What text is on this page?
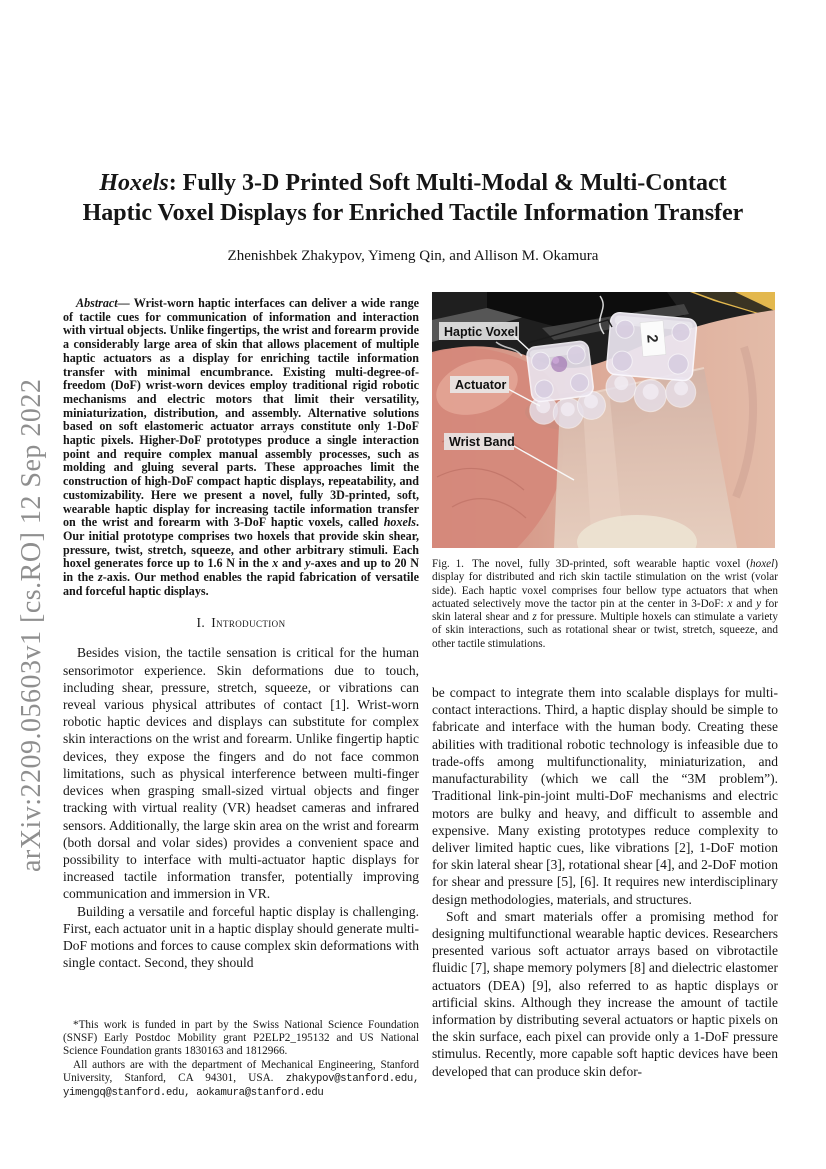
arXiv:2209.05603v1 [cs.RO] 12 Sep 2022
Hoxels: Fully 3-D Printed Soft Multi-Modal & Multi-Contact
Haptic Voxel Displays for Enriched Tactile Information Transfer
Zhenishbek Zhakypov, Yimeng Qin, and Allison M. Okamura

Abstract— Wrist-worn haptic interfaces can deliver a wide range of tactile cues for communication of information and interaction with virtual objects. Unlike fingertips, the wrist and forearm provide a considerably large area of skin that allows placement of multiple haptic actuators as a display for enriching tactile information transfer with minimal encumbrance. Existing multi-degree-of-freedom (DoF) wrist-worn devices employ traditional rigid robotic mechanisms and electric motors that limit their versatility, miniaturization, distribution, and assembly. Alternative solutions based on soft elastomeric actuator arrays constitute only 1-DoF haptic pixels. Higher-DoF prototypes produce a single interaction point and require complex manual assembly processes, such as molding and gluing several parts. These approaches limit the construction of high-DoF compact haptic displays, repeatability, and customizability. Here we present a novel, fully 3D-printed, soft, wearable haptic display for increasing tactile information transfer on the wrist and forearm with 3-DoF haptic voxels, called hoxels. Our initial prototype comprises two hoxels that provide skin shear, pressure, twist, stretch, squeeze, and other arbitrary stimuli. Each hoxel generates force up to 1.6 N in the x and y-axes and up to 20 N in the z-axis. Our method enables the rapid fabrication of versatile and forceful haptic displays.

I. Introduction

Besides vision, the tactile sensation is critical for the human sensorimotor experience. Skin deformations due to touch, including shear, pressure, stretch, squeeze, or vibrations can reveal various physical attributes of contact [1]. Wrist-worn robotic haptic devices and displays can substitute for complex skin interactions on the wrist and forearm. Unlike fingertip haptic devices, they expose the fingers and do not face common limitations, such as physical interference between multi-finger devices when grasping small-sized virtual objects and finger tracking with virtual reality (VR) headset cameras and infrared sensors. Additionally, the large skin area on the wrist and forearm (both dorsal and volar sides) provides a convenient space and possibility to interface with multi-actuator haptic displays for increased tactile information transfer, potentially improving communication and immersion in VR.

Building a versatile and forceful haptic display is challenging. First, each actuator unit in a haptic display should generate multi-DoF motions and forces to cause complex skin deformations with single contact. Second, they should

*This work is funded in part by the Swiss National Science Foundation (SNSF) Early Postdoc Mobility grant P2ELP2_195132 and US National Science Foundation grants 1830163 and 1812966.

All authors are with the department of Mechanical Engineering, Stanford University, Stanford, CA 94301, USA. zhakypov@stanford.edu, yimengq@stanford.edu, aokamura@stanford.edu

2
Haptic Voxel
Actuator
Wrist Band
Fig. 1. The novel, fully 3D-printed, soft wearable haptic voxel (hoxel) display for distributed and rich skin tactile stimulation on the wrist (volar side). Each haptic voxel comprises four bellow type actuators that when actuated selectively move the tactor pin at the center in 3-DoF: x and y for skin lateral shear and z for pressure. Multiple hoxels can stimulate a variety of skin interactions, such as rotational shear or twist, stretch, squeeze, and other tactile stimulations.

be compact to integrate them into scalable displays for multi-contact interactions. Third, a haptic display should be simple to fabricate and interface with the human body. Creating these abilities with traditional robotic technology is infeasible due to trade-offs among multifunctionality, miniaturization, and manufacturability (which we call the “3M problem”). Traditional link-pin-joint multi-DoF mechanisms and electric motors are bulky and heavy, and difficult to assemble and expensive. Many existing prototypes reduce complexity to deliver limited haptic cues, like vibrations [2], 1-DoF motion for skin lateral shear [3], rotational shear [4], and 2-DoF motion for shear and pressure [5], [6]. It requires new interdisciplinary design methodologies, materials, and structures.

Soft and smart materials offer a promising method for designing multifunctional wearable haptic devices. Researchers presented various soft actuator arrays based on vibrotactile fluidic [7], shape memory polymers [8] and dielectric elastomer actuators (DEA) [9], also referred to as haptic displays or artificial skins. Although they increase the amount of tactile information by distributing several actuators or haptic pixels on the skin surface, each pixel can provide only a 1-DoF pressure stimulus. Recently, more capable soft haptic devices have been developed that can produce skin defor-
